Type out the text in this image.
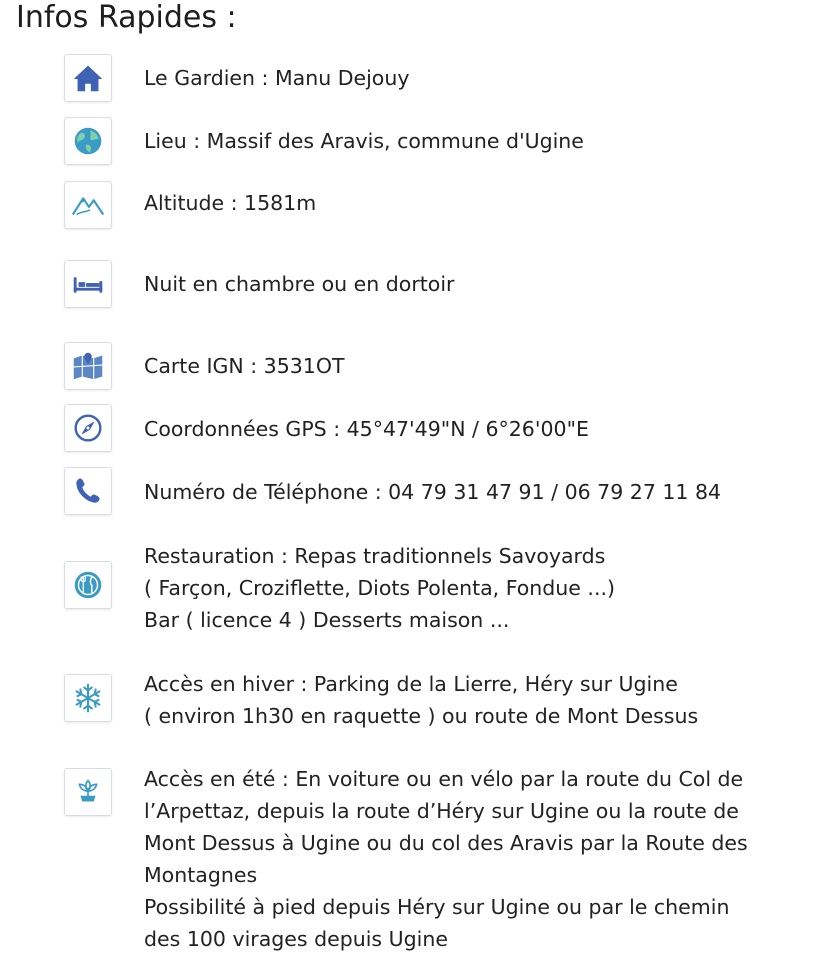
Infos Rapides :
Le Gardien : Manu Dejouy
Lieu : Massif des Aravis, commune d'Ugine
Altitude : 1581m
Nuit en chambre ou en dortoir
Carte IGN : 3531OT
Coordonnées GPS : 45°47'49"N / 6°26'00"E
Numéro de Téléphone : 04 79 31 47 91 / 06 79 27 11 84
Restauration : Repas traditionnels Savoyards
( Farçon, Croziflette, Diots Polenta, Fondue ...)
Bar ( licence 4 ) Desserts maison ...
Accès en hiver : Parking de la Lierre, Héry sur Ugine
( environ 1h30 en raquette ) ou route de Mont Dessus
Accès en été : En voiture ou en vélo par la route du Col de
l’Arpettaz, depuis la route d’Héry sur Ugine ou la route de
Mont Dessus à Ugine ou du col des Aravis par la Route des
Montagnes
Possibilité à pied depuis Héry sur Ugine ou par le chemin
des 100 virages depuis Ugine
